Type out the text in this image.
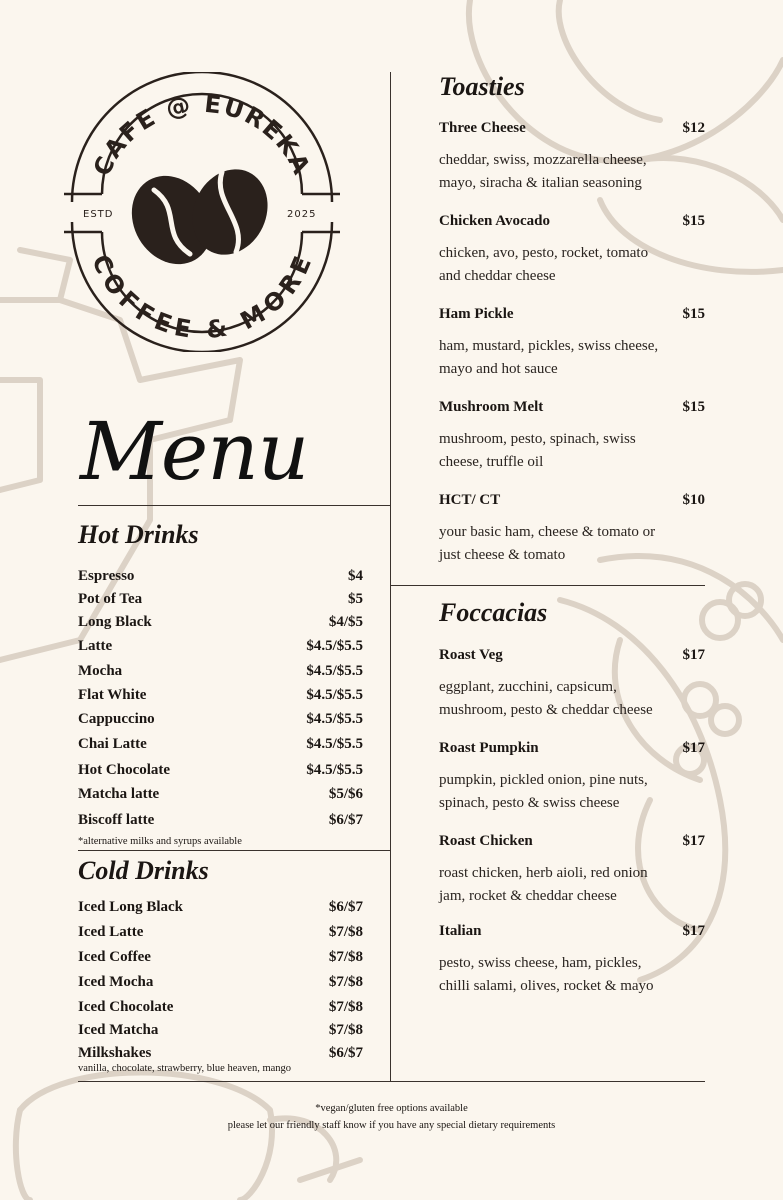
CAFE @ EUREKA
COFFEE & MORE
ESTD	2025
Menu
Hot Drinks
Espresso	$4
Pot of Tea	$5
Long Black	$4/$5
Latte	$4.5/$5.5
Mocha	$4.5/$5.5
Flat White	$4.5/$5.5
Cappuccino	$4.5/$5.5
Chai Latte	$4.5/$5.5
Hot Chocolate	$4.5/$5.5
Matcha latte	$5/$6
Biscoff latte	$6/$7
*alternative milks and syrups available
Cold Drinks
Iced Long Black	$6/$7
Iced Latte	$7/$8
Iced Coffee	$7/$8
Iced Mocha	$7/$8
Iced Chocolate	$7/$8
Iced Matcha	$7/$8
Milkshakes	$6/$7
vanilla, chocolate, strawberry, blue heaven, mango
Toasties
Three Cheese	$12
cheddar, swiss, mozzarella cheese,
mayo, siracha & italian seasoning
Chicken Avocado	$15
chicken, avo, pesto, rocket, tomato
and cheddar cheese
Ham Pickle	$15
ham, mustard, pickles, swiss cheese,
mayo and hot sauce
Mushroom Melt	$15
mushroom, pesto, spinach, swiss
cheese, truffle oil
HCT/ CT	$10
your basic ham, cheese & tomato or
just cheese & tomato
Foccacias
Roast Veg	$17
eggplant, zucchini, capsicum,
mushroom, pesto & cheddar cheese
Roast Pumpkin	$17
pumpkin, pickled onion, pine nuts,
spinach, pesto & swiss cheese
Roast Chicken	$17
roast chicken, herb aioli, red onion
jam, rocket & cheddar cheese
Italian	$17
pesto, swiss cheese, ham, pickles,
chilli salami, olives, rocket & mayo
*vegan/gluten free options available
please let our friendly staff know if you have any special dietary requirements
